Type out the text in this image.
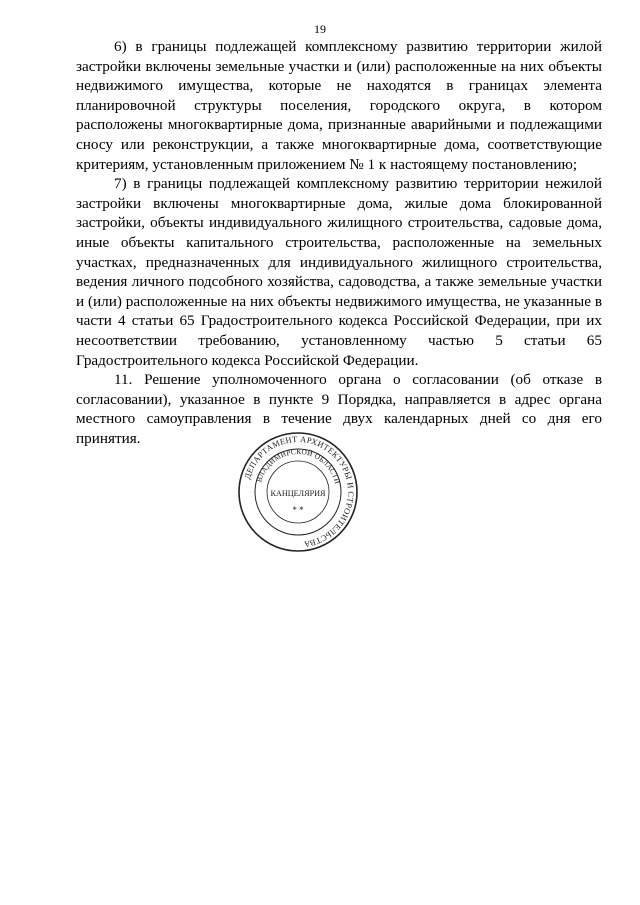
19

6) в границы подлежащей комплексному развитию территории жилой застройки включены земельные участки и (или) расположенные на них объекты недвижимого имущества, которые не находятся в границах элемента планировочной структуры поселения, городского округа, в котором расположены многоквартирные дома, признанные аварийными и подлежащими сносу или реконструкции, а также многоквартирные дома, соответствующие критериям, установленным приложением № 1 к настоящему постановлению;

7) в границы подлежащей комплексному развитию территории нежилой застройки включены многоквартирные дома, жилые дома блокированной застройки, объекты индивидуального жилищного строительства, садовые дома, иные объекты капитального строительства, расположенные на земельных участках, предназначенных для индивидуального жилищного строительства, ведения личного подсобного хозяйства, садоводства, а также земельные участки и (или) расположенные на них объекты недвижимого имущества, не указанные в части 4 статьи 65 Градостроительного кодекса Российской Федерации, при их несоответствии требованию, установленному частью 5 статьи 65 Градостроительного кодекса Российской Федерации.

11. Решение уполномоченного органа о согласовании (об отказе в согласовании), указанное в пункте 9 Порядка, направляется в адрес органа местного самоуправления в течение двух календарных дней со дня его принятия.

ДЕПАРТАМЕНТ АРХИТЕКТУРЫ И СТРОИТЕЛЬСТВА
ВЛАДИМИРСКОЙ ОБЛАСТИ
КАНЦЕЛЯРИЯ
* *
